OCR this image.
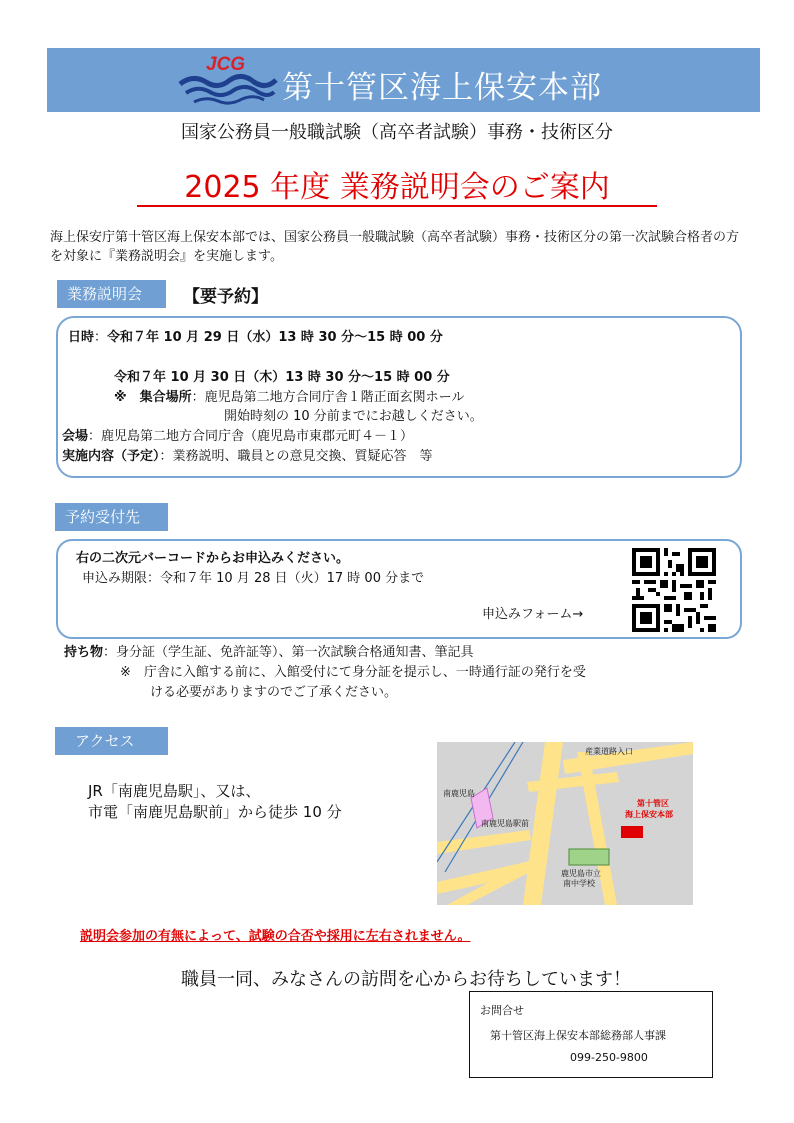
JCG
第十管区海上保安本部
国家公務員一般職試験（高卒者試験）事務・技術区分
2025 年度 業務説明会のご案内
海上保安庁第十管区海上保安本部では、国家公務員一般職試験（高卒者試験）事務・技術区分の第一次試験合格者の方を対象に『業務説明会』を実施します。
業務説明会	【要予約】
日時：令和７年 10 月 29 日（水）13 時 30 分～15 時 00 分
令和７年 10 月 30 日（木）13 時 30 分～15 時 00 分
※　集合場所：鹿児島第二地方合同庁舎１階正面玄関ホール
開始時刻の 10 分前までにお越しください。
会場：鹿児島第二地方合同庁舎（鹿児島市東郡元町４－１）
実施内容（予定）：業務説明、職員との意見交換、質疑応答　等
予約受付先
右の二次元バーコードからお申込みください。
申込み期限：令和７年 10 月 28 日（火）17 時 00 分まで
申込みフォーム→
持ち物：身分証（学生証、免許証等）、第一次試験合格通知書、筆記具
※　庁舎に入館する前に、入館受付にて身分証を提示し、一時通行証の発行を受
ける必要がありますのでご了承ください。
アクセス
JR「南鹿児島駅」、又は、
市電「南鹿児島駅前」から徒歩 10 分
産業道路入口
南鹿児島
南鹿児島駅前
第十管区
海上保安本部
鹿児島市立
南中学校
説明会参加の有無によって、試験の合否や採用に左右されません。
職員一同、みなさんの訪問を心からお待ちしています！
お問合せ
第十管区海上保安本部総務部人事課
099-250-9800
